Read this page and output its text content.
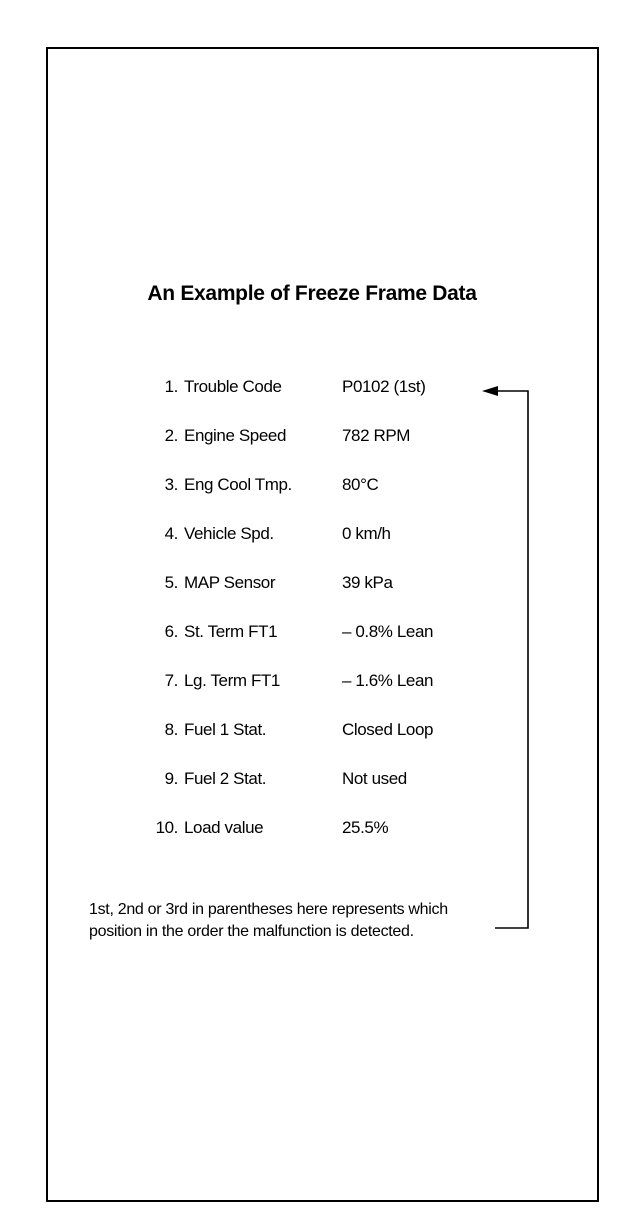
An Example of Freeze Frame Data
1. Trouble Code	P0102 (1st)
2. Engine Speed	782 RPM
3. Eng Cool Tmp.	80°C
4. Vehicle Spd.	0 km/h
5. MAP Sensor	39 kPa
6. St. Term FT1	– 0.8% Lean
7. Lg. Term FT1	– 1.6% Lean
8. Fuel 1 Stat.	Closed Loop
9. Fuel 2 Stat.	Not used
10. Load value	25.5%

1st, 2nd or 3rd in parentheses here represents which position in the order the malfunction is detected.
